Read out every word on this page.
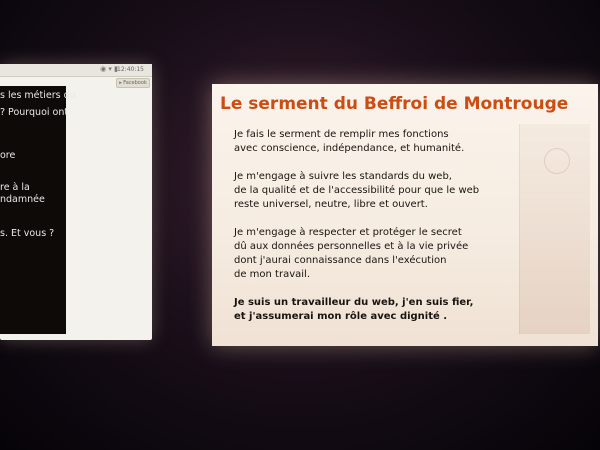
◉ ▾ ▮ 12:40:15
▸ Facebook
s les métiers du
? Pourquoi ont-
ore
re à la
ndamnée
s. Et vous ?
Le serment du Beffroi de Montrouge
Je fais le serment de remplir mes fonctions
avec conscience, indépendance, et humanité.
Je m'engage à suivre les standards du web,
de la qualité et de l'accessibilité pour que le web
reste universel, neutre, libre et ouvert.
Je m'engage à respecter et protéger le secret
dû aux données personnelles et à la vie privée
dont j'aurai connaissance dans l'exécution
de mon travail.
Je suis un travailleur du web, j'en suis fier,
et j'assumerai mon rôle avec dignité .
